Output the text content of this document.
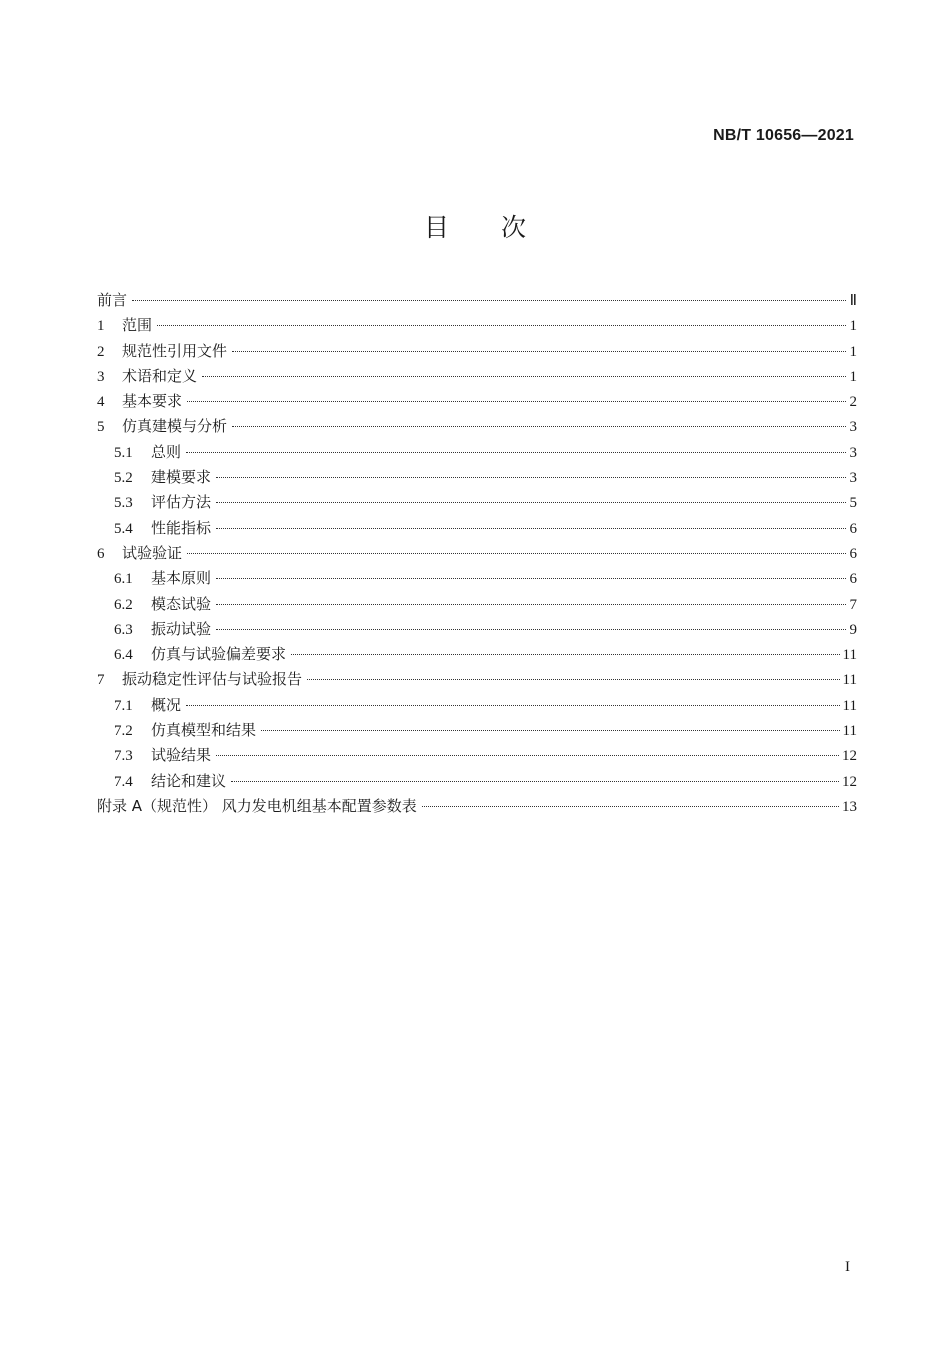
NB/T 10656—2021
目 次
前言	Ⅱ
1	范围	1
2	规范性引用文件	1
3	术语和定义	1
4	基本要求	2
5	仿真建模与分析	3
5.1	总则	3
5.2	建模要求	3
5.3	评估方法	5
5.4	性能指标	6
6	试验验证	6
6.1	基本原则	6
6.2	模态试验	7
6.3	振动试验	9
6.4	仿真与试验偏差要求	11
7	振动稳定性评估与试验报告	11
7.1	概况	11
7.2	仿真模型和结果	11
7.3	试验结果	12
7.4	结论和建议	12
附录 A（规范性） 风力发电机组基本配置参数表	13
I
